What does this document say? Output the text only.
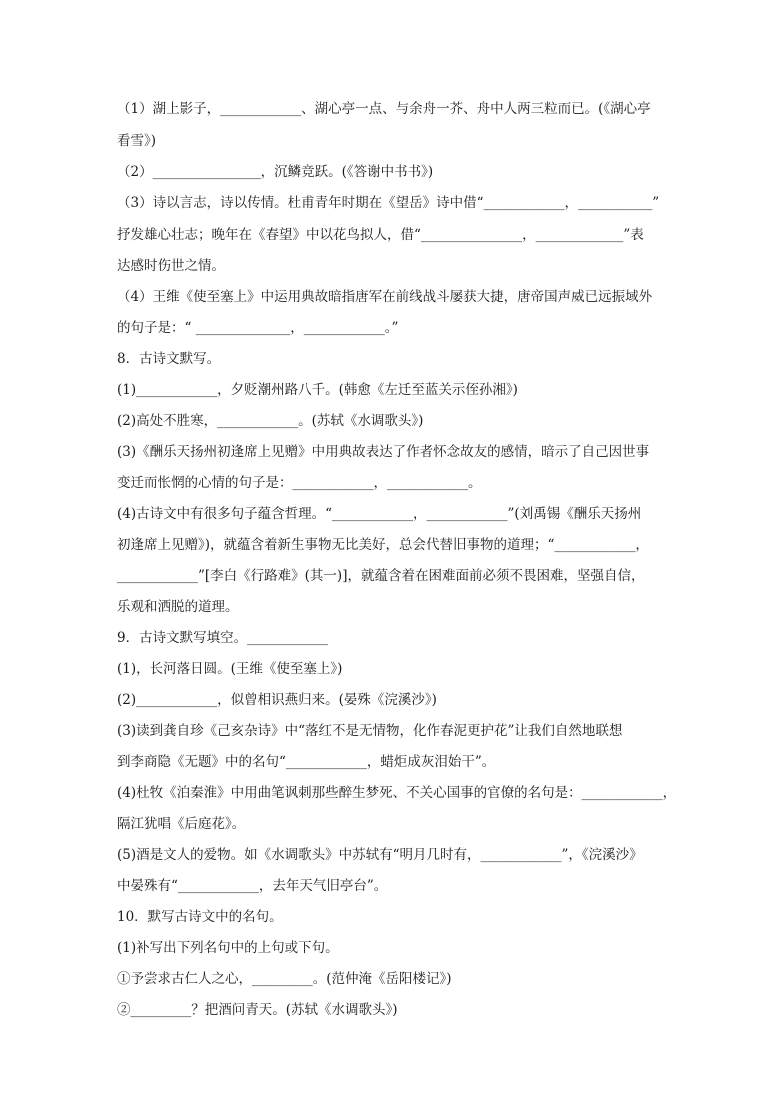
（1）湖上影子，____________、湖心亭一点、与余舟一芥、舟中人两三粒而已。(《湖心亭
看雪》)
（2）________________，沉鳞竞跃。(《答谢中书书》)
（3）诗以言志，诗以传情。杜甫青年时期在《望岳》诗中借“____________，___________”
抒发雄心壮志；晚年在《春望》中以花鸟拟人，借“_______________，_____________”表
达感时伤世之情。
（4）王维《使至塞上》中运用典故暗指唐军在前线战斗屡获大捷，唐帝国声威已远振域外
的句子是：“ ______________，____________。”
8．古诗文默写。
(1)____________，夕贬潮州路八千。(韩愈《左迁至蓝关示侄孙湘》)
(2)高处不胜寒，____________。(苏轼《水调歌头》)
(3)《酬乐天扬州初逢席上见赠》中用典故表达了作者怀念故友的感情，暗示了自己因世事
变迁而怅惘的心情的句子是：____________，____________。
(4)古诗文中有很多句子蕴含哲理。“____________，____________”(刘禹锡《酬乐天扬州
初逢席上见赠》)，就蕴含着新生事物无比美好，总会代替旧事物的道理；“____________，
____________”[李白《行路难》(其一)]，就蕴含着在困难面前必须不畏困难，坚强自信，
乐观和洒脱的道理。
9．古诗文默写填空。____________
(1)，长河落日圆。(王维《使至塞上》)
(2)____________，似曾相识燕归来。(晏殊《浣溪沙》)
(3)读到龚自珍《己亥杂诗》中“落红不是无情物，化作春泥更护花”让我们自然地联想
到李商隐《无题》中的名句“____________，蜡炬成灰泪始干”。
(4)杜牧《泊秦淮》中用曲笔讽刺那些醉生梦死、不关心国事的官僚的名句是：____________，
隔江犹唱《后庭花》。
(5)酒是文人的爱物。如《水调歌头》中苏轼有“明月几时有，____________”，《浣溪沙》
中晏殊有“____________，去年天气旧亭台”。
10．默写古诗文中的名句。
(1)补写出下列名句中的上句或下句。
①予尝求古仁人之心，_________。(范仲淹《岳阳楼记》)
②_________？把酒问青天。(苏轼《水调歌头》)
